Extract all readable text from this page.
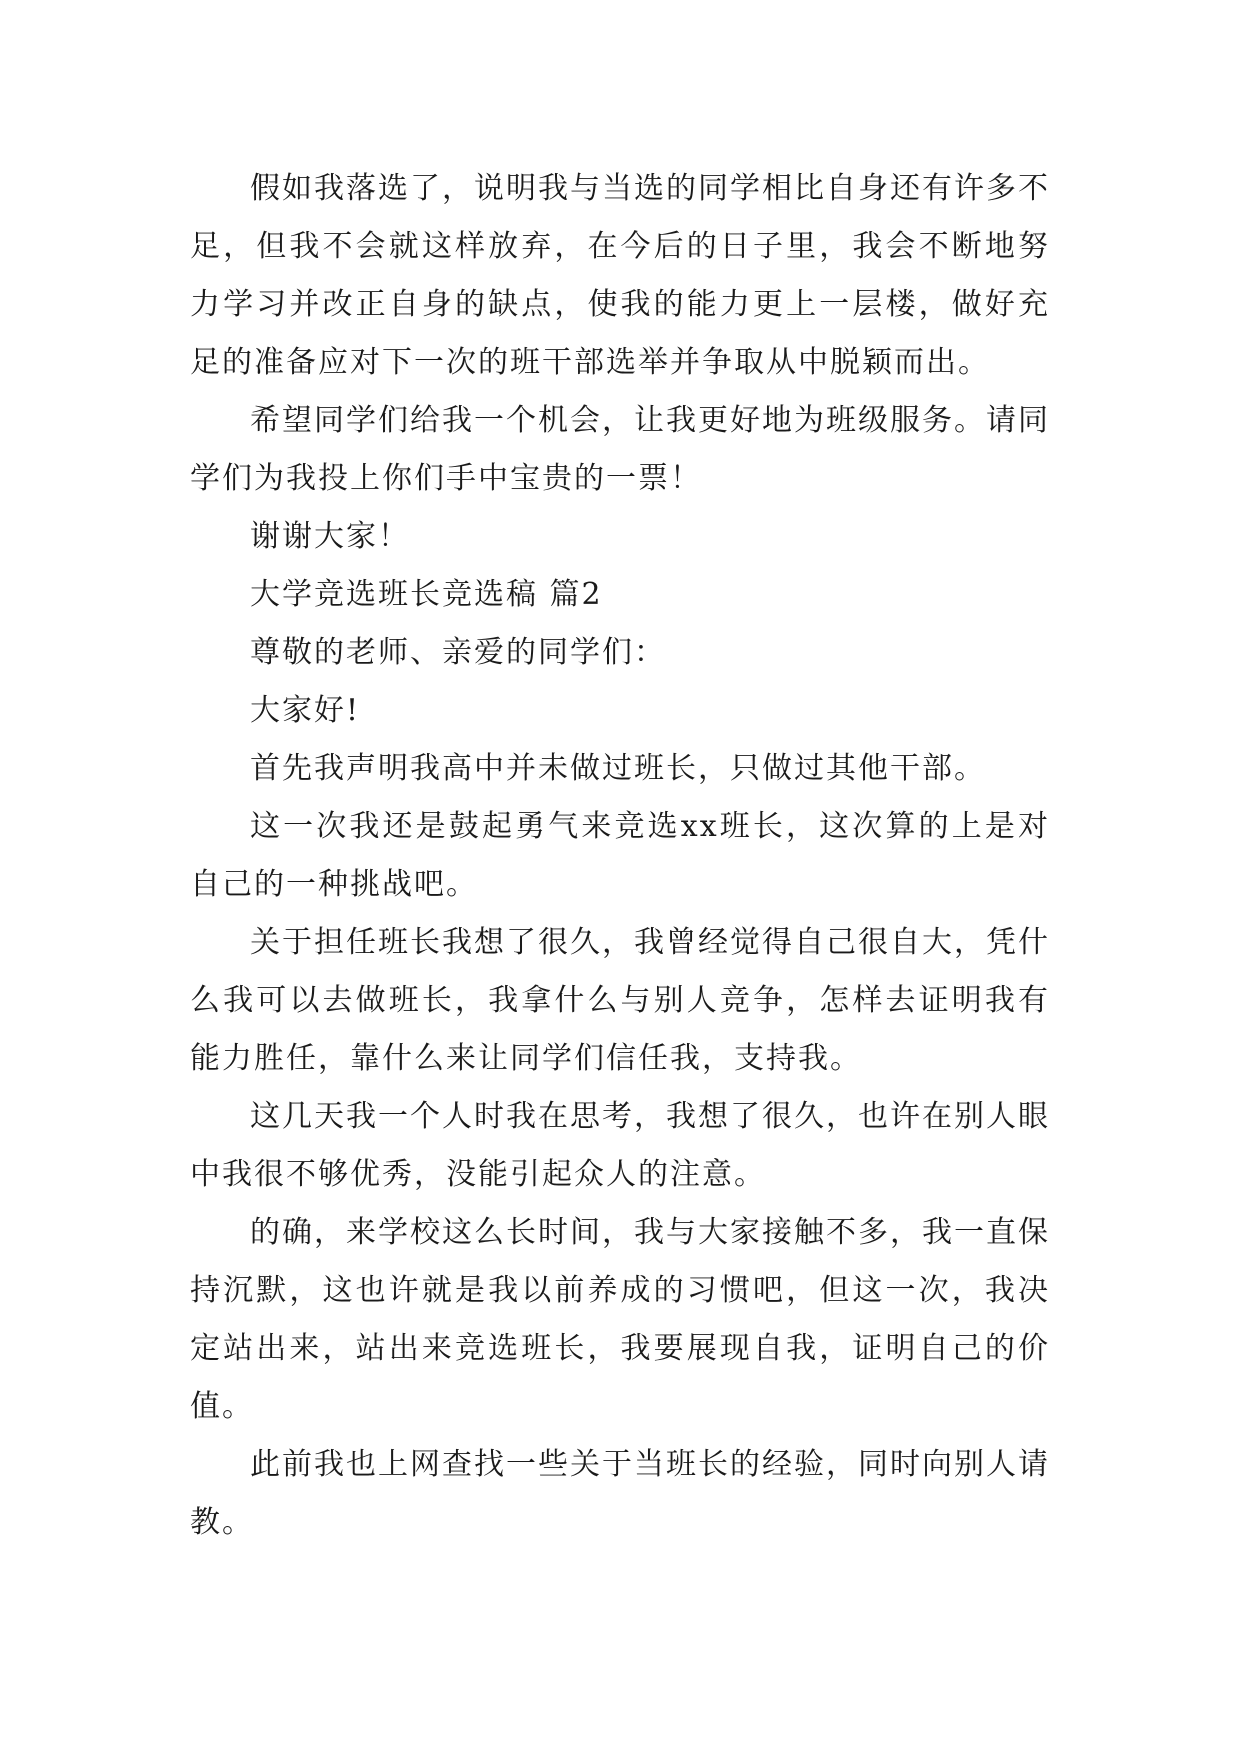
假如我落选了，说明我与当选的同学相比自身还有许多不足，但我不会就这样放弃，在今后的日子里，我会不断地努力学习并改正自身的缺点，使我的能力更上一层楼，做好充足的准备应对下一次的班干部选举并争取从中脱颖而出。

希望同学们给我一个机会，让我更好地为班级服务。请同学们为我投上你们手中宝贵的一票！

谢谢大家！

大学竞选班长竞选稿 篇2

尊敬的老师、亲爱的同学们：

大家好!

首先我声明我高中并未做过班长，只做过其他干部。

这一次我还是鼓起勇气来竞选xx班长，这次算的上是对自己的一种挑战吧。

关于担任班长我想了很久，我曾经觉得自己很自大，凭什么我可以去做班长，我拿什么与别人竞争，怎样去证明我有能力胜任，靠什么来让同学们信任我，支持我。

这几天我一个人时我在思考，我想了很久，也许在别人眼中我很不够优秀，没能引起众人的注意。

的确，来学校这么长时间，我与大家接触不多，我一直保持沉默，这也许就是我以前养成的习惯吧，但这一次，我决定站出来，站出来竞选班长，我要展现自我，证明自己的价值。

此前我也上网查找一些关于当班长的经验，同时向别人请教。
